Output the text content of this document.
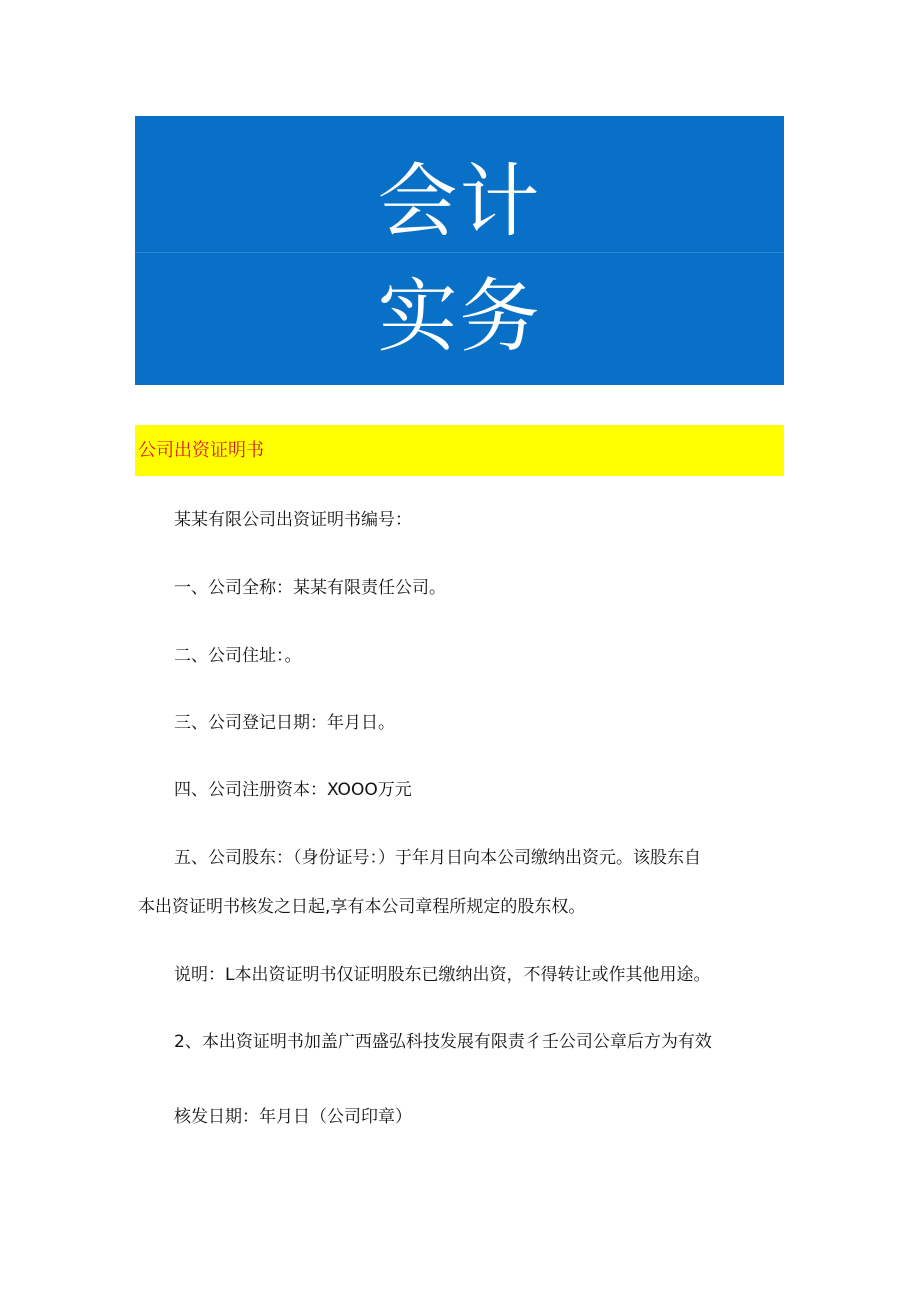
会计
实务
公司出资证明书
某某有限公司出资证明书编号：
一、公司全称：某某有限责任公司。
二、公司住址：。
三、公司登记日期：年月日。
四、公司注册资本：XOOO万元
五、公司股东：（身份证号：）于年月日向本公司缴纳出资元。该股东自
本出资证明书核发之日起,享有本公司章程所规定的股东权。
说明：L本出资证明书仅证明股东已缴纳出资，不得转让或作其他用途。
2、本出资证明书加盖广西盛弘科技发展有限责彳壬公司公章后方为有效
核发日期：年月日（公司印章）
